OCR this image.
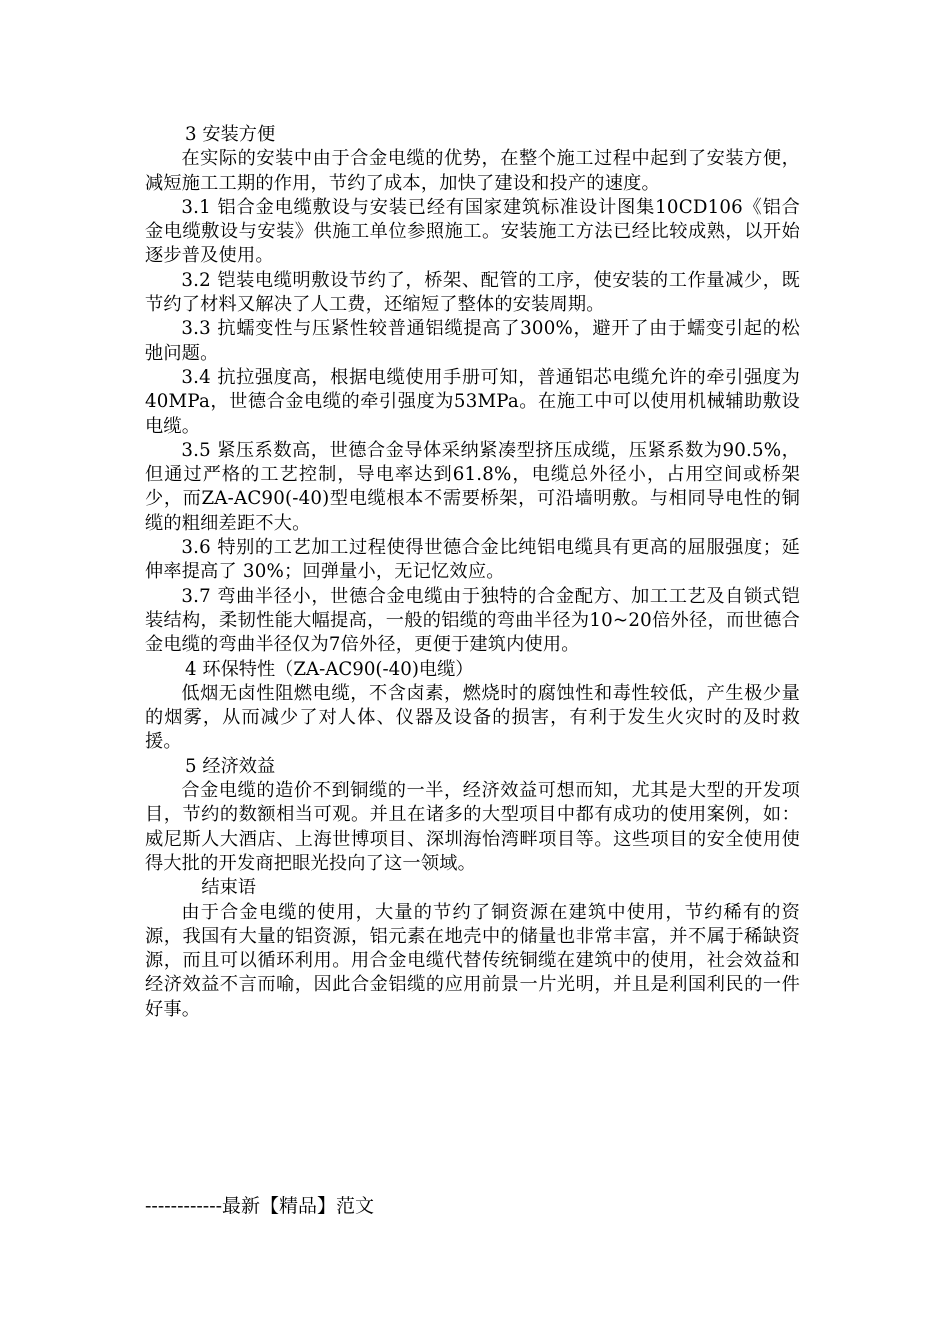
3 安装方便

在实际的安装中由于合金电缆的优势，在整个施工过程中起到了安装方便，减短施工工期的作用，节约了成本，加快了建设和投产的速度。

3.1 铝合金电缆敷设与安装已经有国家建筑标准设计图集10CD106《铝合金电缆敷设与安装》供施工单位参照施工。安装施工方法已经比较成熟，以开始逐步普及使用。

3.2 铠装电缆明敷设节约了，桥架、配管的工序，使安装的工作量减少，既节约了材料又解决了人工费，还缩短了整体的安装周期。

3.3 抗蠕变性与压紧性较普通铝缆提高了300%，避开了由于蠕变引起的松弛问题。

3.4 抗拉强度高，根据电缆使用手册可知，普通铝芯电缆允许的牵引强度为40MPa，世德合金电缆的牵引强度为53MPa。在施工中可以使用机械辅助敷设电缆。

3.5 紧压系数高，世德合金导体采纳紧凑型挤压成缆，压紧系数为90.5%，但通过严格的工艺控制，导电率达到61.8%，电缆总外径小，占用空间或桥架少，而ZA-AC90(-40)型电缆根本不需要桥架，可沿墙明敷。与相同导电性的铜缆的粗细差距不大。

3.6 特别的工艺加工过程使得世德合金比纯铝电缆具有更高的屈服强度；延伸率提高了 30%；回弹量小，无记忆效应。

3.7 弯曲半径小，世德合金电缆由于独特的合金配方、加工工艺及自锁式铠装结构，柔韧性能大幅提高，一般的铝缆的弯曲半径为10~20倍外径，而世德合金电缆的弯曲半径仅为7倍外径，更便于建筑内使用。

4 环保特性（ZA-AC90(-40)电缆）

低烟无卤性阻燃电缆，不含卤素，燃烧时的腐蚀性和毒性较低，产生极少量的烟雾，从而减少了对人体、仪器及设备的损害，有利于发生火灾时的及时救援。

5 经济效益

合金电缆的造价不到铜缆的一半，经济效益可想而知，尤其是大型的开发项目，节约的数额相当可观。并且在诸多的大型项目中都有成功的使用案例，如：威尼斯人大酒店、上海世博项目、深圳海怡湾畔项目等。这些项目的安全使用使得大批的开发商把眼光投向了这一领域。

结束语

由于合金电缆的使用，大量的节约了铜资源在建筑中使用，节约稀有的资源，我国有大量的铝资源，铝元素在地壳中的储量也非常丰富，并不属于稀缺资源，而且可以循环利用。用合金电缆代替传统铜缆在建筑中的使用，社会效益和经济效益不言而喻，因此合金铝缆的应用前景一片光明，并且是利国利民的一件好事。

------------最新【精品】范文
